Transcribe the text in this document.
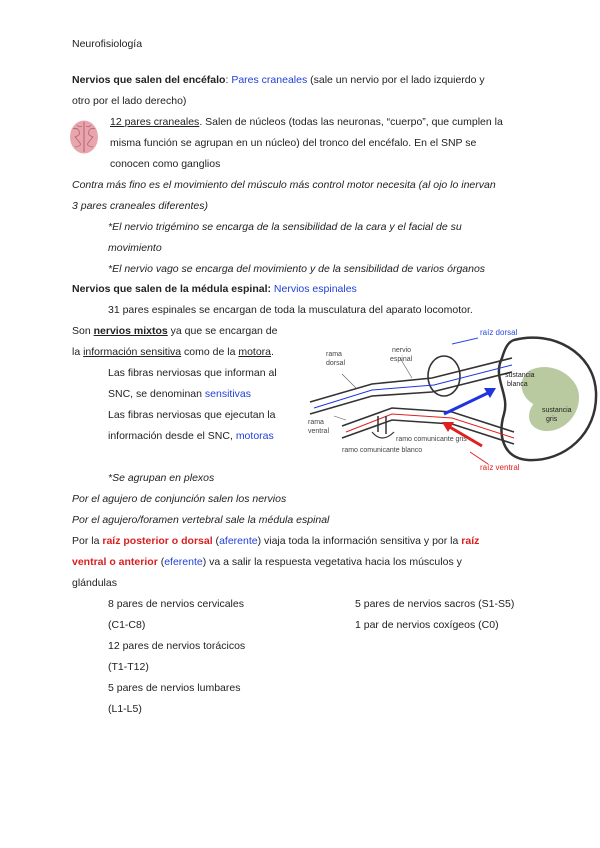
Neurofisiología
Nervios que salen del encéfalo: Pares craneales (sale un nervio por el lado izquierdo y
otro por el lado derecho)
12 pares craneales. Salen de núcleos (todas las neuronas, “cuerpo”, que cumplen la
misma función se agrupan en un núcleo) del tronco del encéfalo. En el SNP se
conocen como ganglios
Contra más fino es el movimiento del músculo más control motor necesita (al ojo lo inervan
3 pares craneales diferentes)
*El nervio trigémino se encarga de la sensibilidad de la cara y el facial de su
movimiento
*El nervio vago se encarga del movimiento y de la sensibilidad de varios órganos
Nervios que salen de la médula espinal: Nervios espinales
31 pares espinales se encargan de toda la musculatura del aparato locomotor.
Son nervios mixtos ya que se encargan de
la información sensitiva como de la motora.
Las fibras nerviosas que informan al
SNC, se denominan sensitivas
Las fibras nerviosas que ejecutan la
información desde el SNC, motoras
raíz dorsal
rama
dorsal
nervio
espinal
sustancia
blanca
sustancia
gris
rama
ventral
ramo comunicante gris
ramo comunicante blanco
raíz ventral
*Se agrupan en plexos
Por el agujero de conjunción salen los nervios
Por el agujero/foramen vertebral sale la médula espinal
Por la raíz posterior o dorsal (aferente) viaja toda la información sensitiva y por la raíz
ventral o anterior (eferente) va a salir la respuesta vegetativa hacia los músculos y
glándulas
8 pares de nervios cervicales
(C1-C8)
12 pares de nervios torácicos
(T1-T12)
5 pares de nervios lumbares
(L1-L5)
5 pares de nervios sacros (S1-S5)
1 par de nervios coxígeos (C0)
